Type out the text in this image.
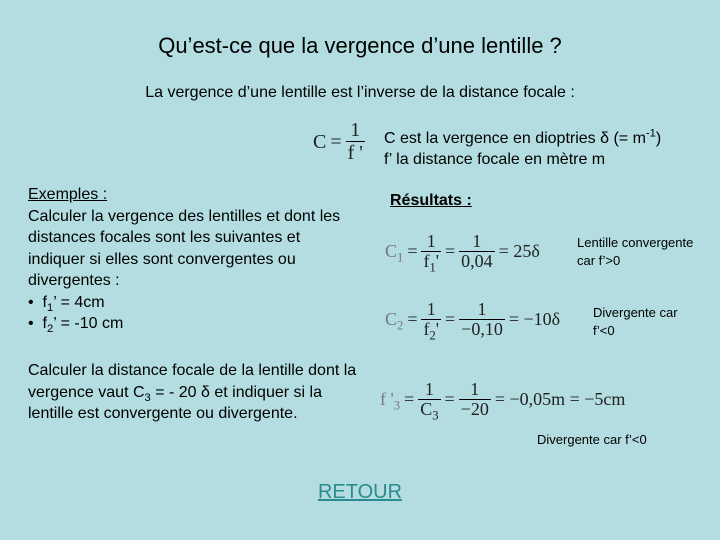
Qu’est-ce que la vergence d’une lentille ?
La vergence d’une lentille est l’inverse de la distance focale :
$C = \frac{1}{f '}$ C est la vergence en dioptries δ (= $m^{-1}$)
f’ la distance focale en mètre m
Exemples :
Calculer la vergence des lentilles et dont les distances focales sont les suivantes et indiquer si elles sont convergentes ou divergentes :
• $f_1$’ = 4cm
• $f_2$’ = -10 cm
Calculer la distance focale de la lentille dont la vergence vaut $C_3$ = - 20 δ et indiquer si la lentille est convergente ou divergente.
Résultats :
$C_1 = \frac{1}{f_1'} = \frac{1}{0,04} = 25\delta$
$C_2 = \frac{1}{f_2'} = \frac{1}{-0,10} = -10\delta$
f '$_3 = \frac{1}{C_3} = \frac{1}{-20} = -0,05m = -5cm$
Lentille convergente
car f’>0
Divergente car
f’<0
Divergente car f’<0
RETOUR
